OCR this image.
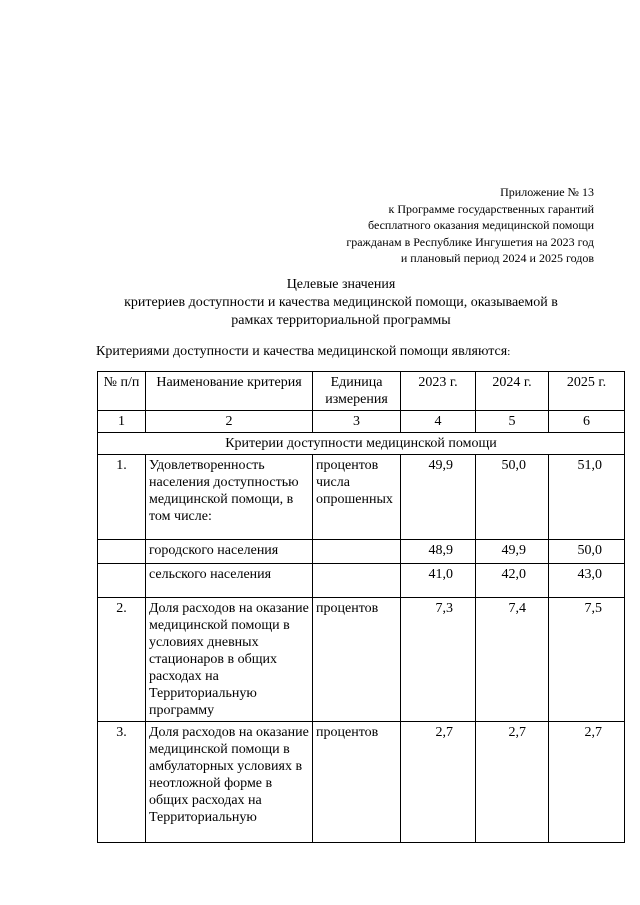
Приложение № 13
к Программе государственных гарантий
бесплатного оказания медицинской помощи
гражданам в Республике Ингушетия на 2023 год
и плановый период 2024 и 2025 годов
Целевые значения
критериев доступности и качества медицинской помощи, оказываемой в
рамках территориальной программы
Критериями доступности и качества медицинской помощи являются:
№ п/п	Наименование критерия	Единица измерения	2023 г.	2024 г.	2025 г.
1	2	3	4	5	6
Критерии доступности медицинской помощи					
1.	Удовлетворенность населения доступностью медицинской помощи, в том числе:	процентов числа опрошенных	49,9	50,0	51,0
	городского населения		48,9	49,9	50,0
	сельского населения		41,0	42,0	43,0
2.	Доля расходов на оказание медицинской помощи в условиях дневных стационаров в общих расходах на Территориальную программу	процентов	7,3	7,4	7,5
3.	Доля расходов на оказание медицинской помощи в амбулаторных условиях в неотложной форме в общих расходах на Территориальную	процентов	2,7	2,7	2,7
